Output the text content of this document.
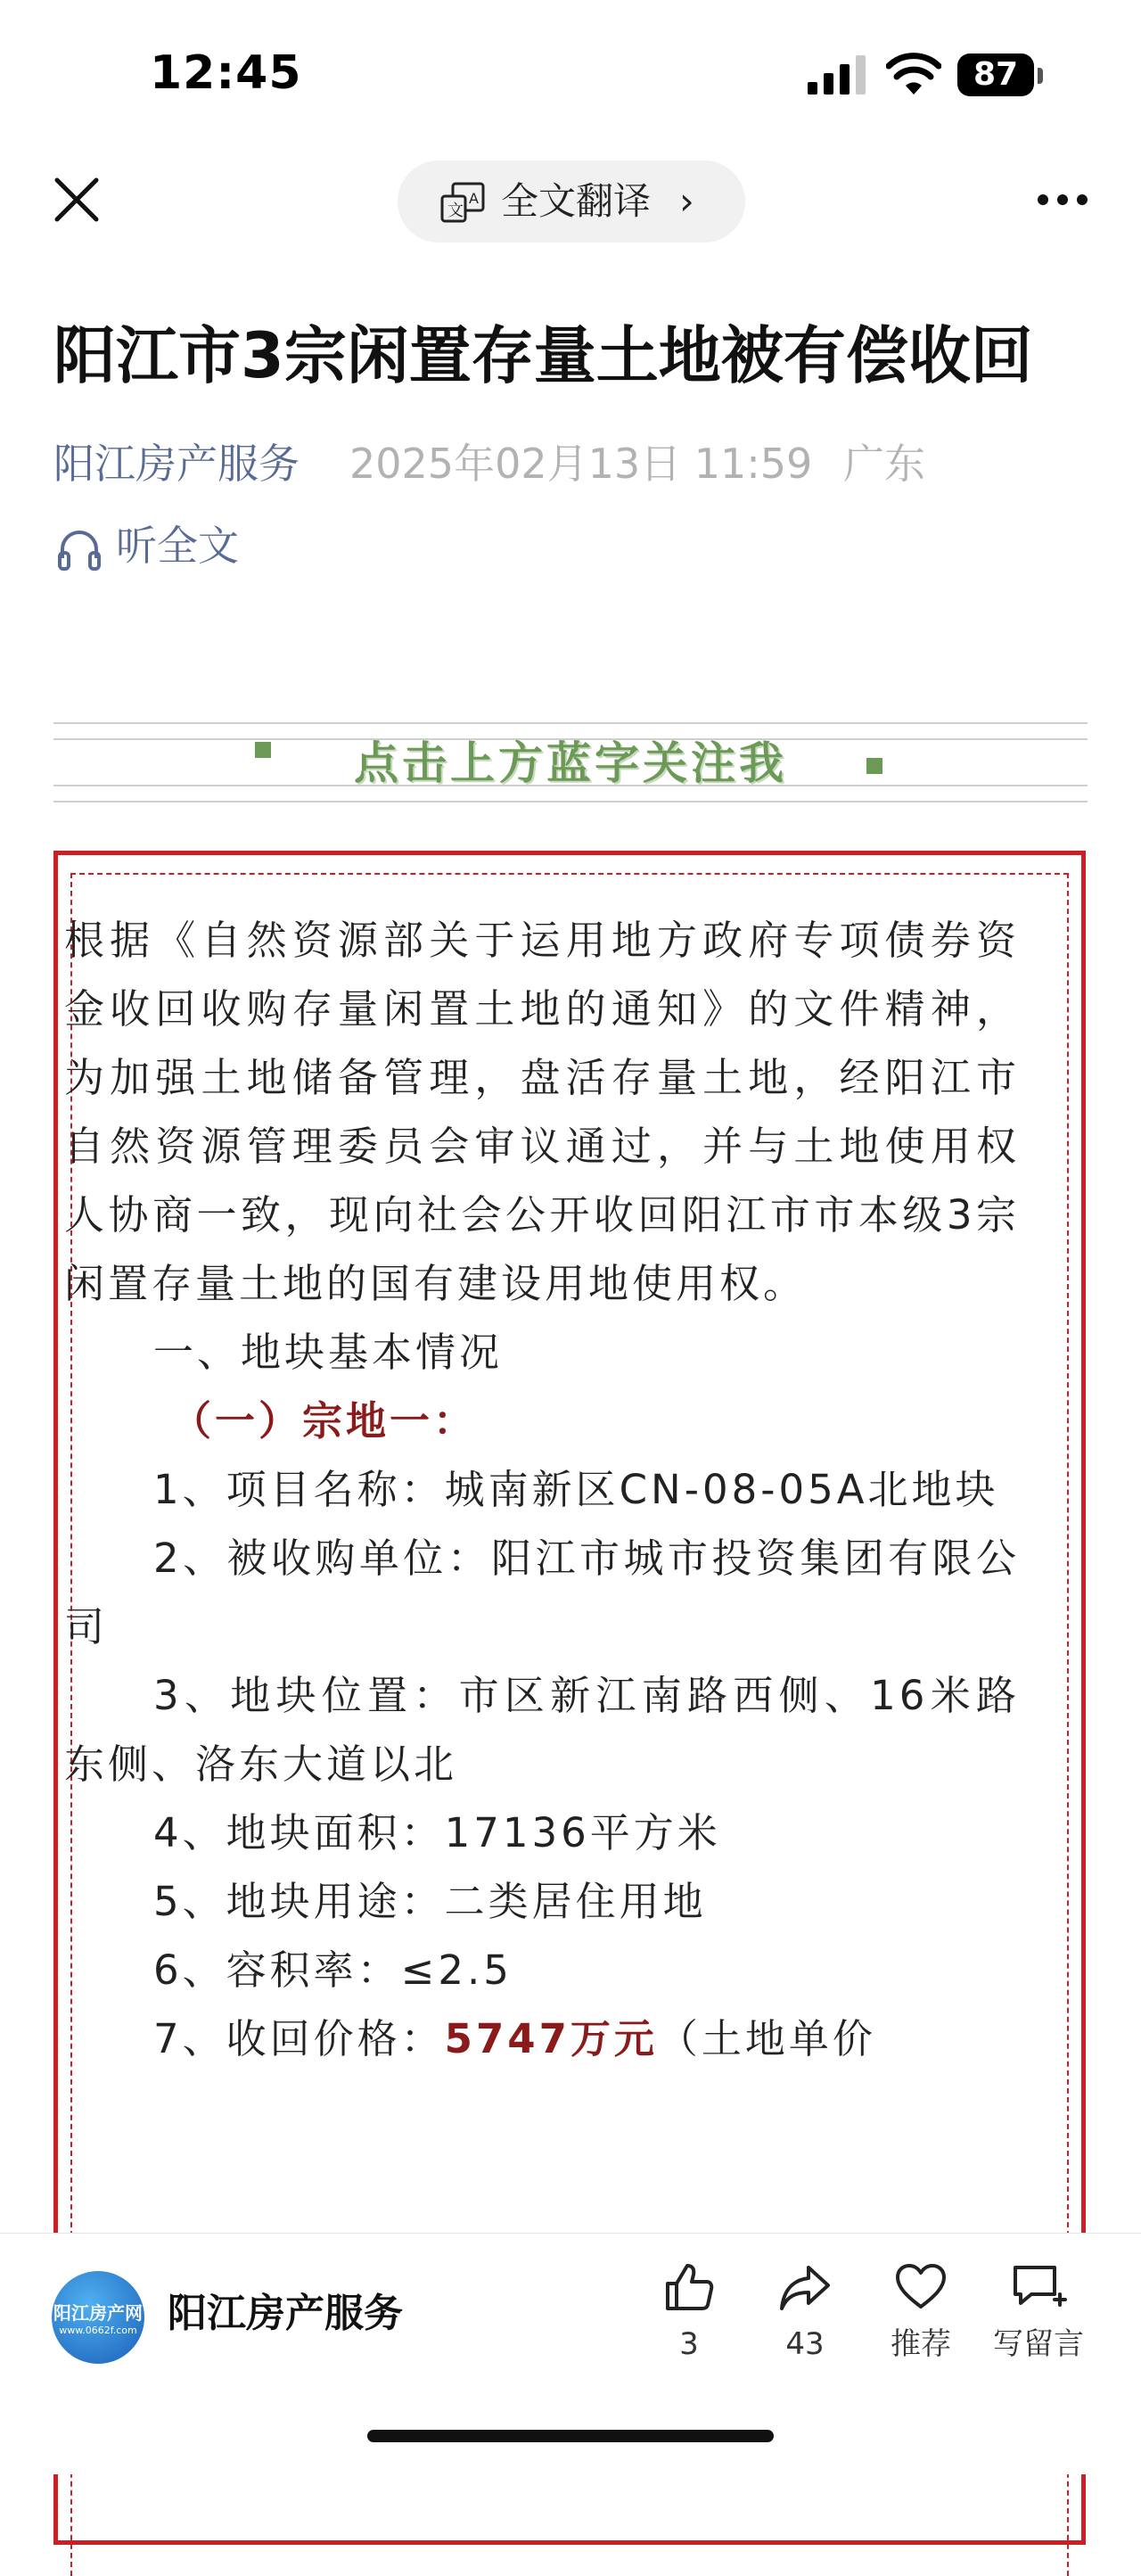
12:45	87
文
A 全文翻译 ›
阳江市3宗闲置存量土地被有偿收回
阳江房产服务 2025年02月13日 11:59 广东
听全文
点击上方蓝字关注我

根据《自然资源部关于运用地方政府专项债券资金收回收购存量闲置土地的通知》的文件精神，为加强土地储备管理，盘活存量土地，经阳江市自然资源管理委员会审议通过，并与土地使用权人协商一致，现向社会公开收回阳江市市本级3宗闲置存量土地的国有建设用地使用权。

一、地块基本情况

（一）宗地一：

1、项目名称：城南新区CN-08-05A北地块

2、被收购单位：阳江市城市投资集团有限公司

3、地块位置：市区新江南路西侧、16米路东侧、洛东大道以北

4、地块面积：17136平方米

5、地块用途：二类居住用地

6、容积率：≤2.5

7、收回价格：5747万元（土地单价

阳江房产网
www.0662f.com 阳江房产服务
3	43	推荐	写留言
